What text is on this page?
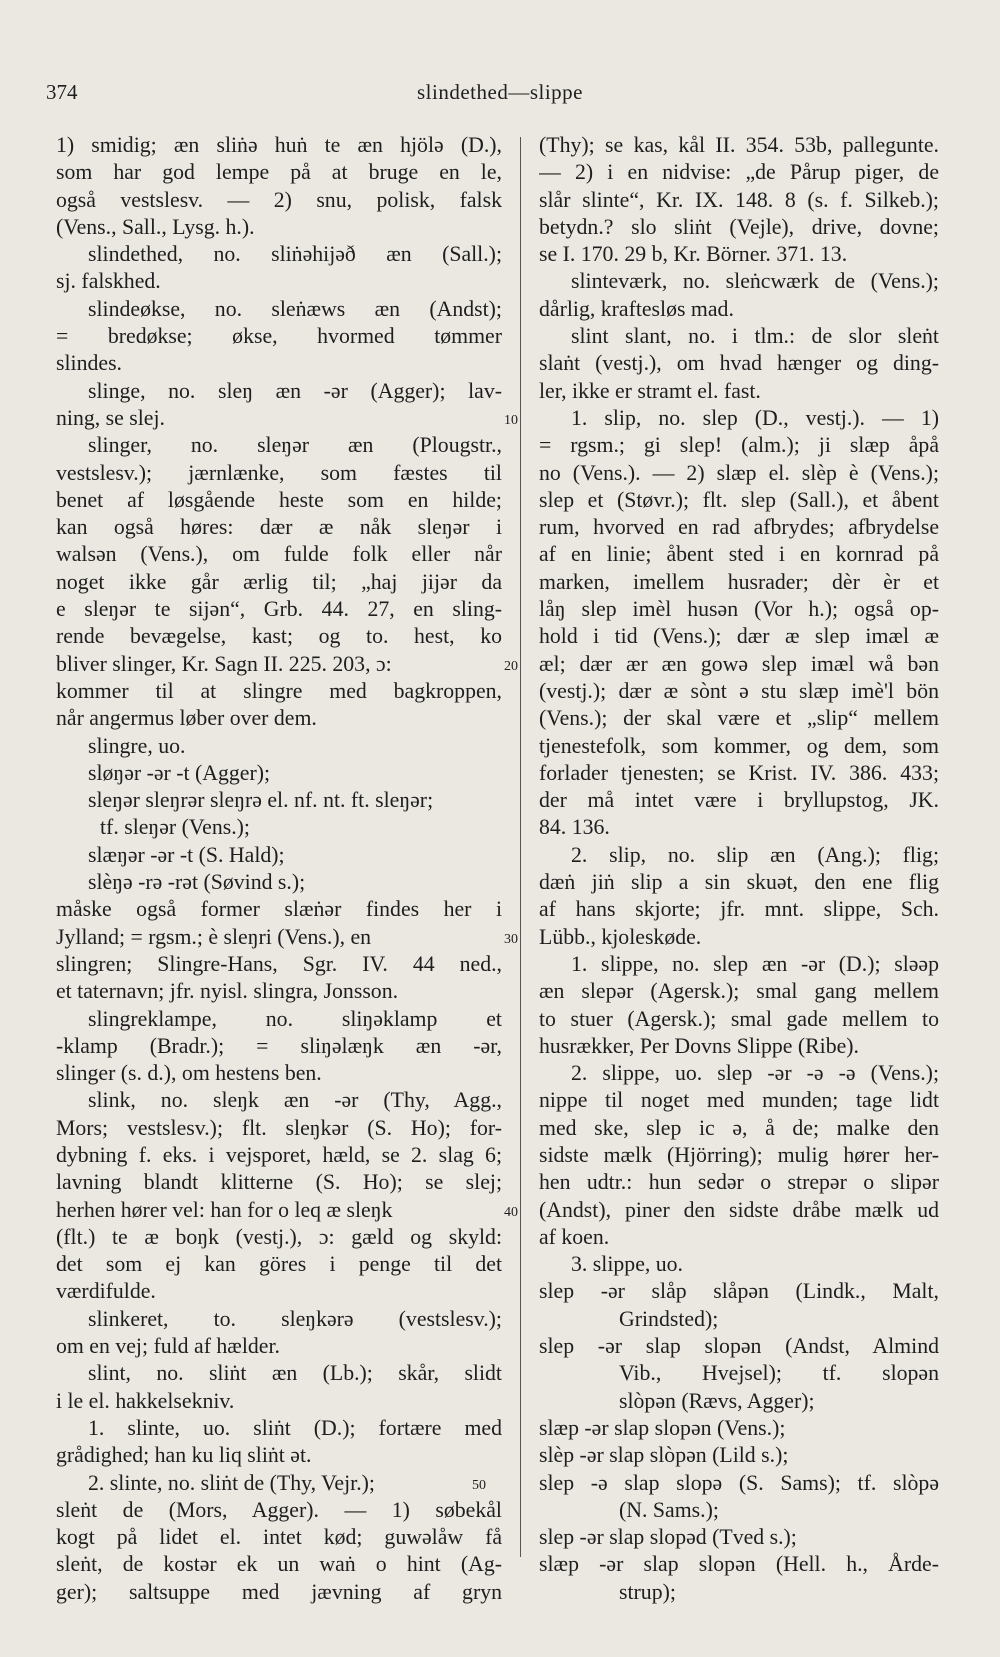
374	slindethed—slippe
1) smidig; æn sliṅə huṅ te æn hjölə (D.),
som har god lempe på at bruge en le,
også vestslesv. — 2) snu, polisk, falsk
(Vens., Sall., Lysg. h.).
slindethed, no. sliṅəhijəð æn (Sall.);
sj. falskhed.
slindeøkse, no. sleṅæws æn (Andst);
= bredøkse; økse, hvormed tømmer
slindes.
slinge, no. sleŋ æn -ər (Agger); lav-
ning, se slej.	10
slinger, no. sleŋər æn (Plougstr.,
vestslesv.); jærnlænke, som fæstes til
benet af løsgående heste som en hilde;
kan også høres: dær æ nåk sleŋər i
walsən (Vens.), om fulde folk eller når
noget ikke går ærlig til; „haj jijər da
e sleŋər te sijən“, Grb. 44. 27, en sling-
rende bevægelse, kast; og to. hest, ko
bliver slinger, Kr. Sagn II. 225. 203, ɔ:	20
kommer til at slingre med bagkroppen,
når angermus løber over dem.
slingre, uo.
sløŋər -ər -t (Agger);
sleŋər sleŋrər sleŋrə el. nf. nt. ft. sleŋər;
tf. sleŋər (Vens.);
slæŋər -ər -t (S. Hald);
slèŋə -rə -rət (Søvind s.);
måske også former slæṅər findes her i
Jylland; = rgsm.; è sleŋri (Vens.), en	30
slingren; Slingre-Hans, Sgr. IV. 44 ned.,
et taternavn; jfr. nyisl. slingra, Jonsson.
slingreklampe, no. sliŋəklamp et
-klamp (Bradr.); = sliŋəlæŋk æn -ər,
slinger (s. d.), om hestens ben.
slink, no. sleŋk æn -ər (Thy, Agg.,
Mors; vestslesv.); flt. sleŋkər (S. Ho); for-
dybning f. eks. i vejsporet, hæld, se 2. slag 6;
lavning blandt klitterne (S. Ho); se slej;
herhen hører vel: han for o leq æ sleŋk	40
(flt.) te æ boŋk (vestj.), ɔ: gæld og skyld:
det som ej kan göres i penge til det
værdifulde.
slinkeret, to. sleŋkərə (vestslesv.);
om en vej; fuld af hælder.
slint, no. sliṅt æn (Lb.); skår, slidt
i le el. hakkelsekniv.
1. slinte, uo. sliṅt (D.); fortære med
grådighed; han ku liq sliṅt ət.
2. slinte, no. sliṅt de (Thy, Vejr.);	50
sleṅt de (Mors, Agger). — 1) søbekål
kogt på lidet el. intet kød; guwəlåw få
sleṅt, de kostər ek un waṅ o hint (Ag-
ger); saltsuppe med jævning af gryn
(Thy); se kas, kål II. 354. 53b, pallegunte.
— 2) i en nidvise: „de Pårup piger, de
slår slinte“, Kr. IX. 148. 8 (s. f. Silkeb.);
betydn.? slo sliṅt (Vejle), drive, dovne;
se I. 170. 29 b, Kr. Börner. 371. 13.
slinteværk, no. sleṅcwærk de (Vens.);
dårlig, kraftesløs mad.
slint slant, no. i tlm.: de slor sleṅt
slaṅt (vestj.), om hvad hænger og ding-
ler, ikke er stramt el. fast.
1. slip, no. slep (D., vestj.). — 1)
= rgsm.; gi slep! (alm.); ji slæp åpå
no (Vens.). — 2) slæp el. slèp è (Vens.);
slep et (Støvr.); flt. slep (Sall.), et åbent
rum, hvorved en rad afbrydes; afbrydelse
af en linie; åbent sted i en kornrad på
marken, imellem husrader; dèr èr et
låŋ slep imèl husən (Vor h.); også op-
hold i tid (Vens.); dær æ slep imæl æ
æl; dær ær æn gowə slep imæl wå bən
(vestj.); dær æ sònt ə stu slæp imè'l bön
(Vens.); der skal være et „slip“ mellem
tjenestefolk, som kommer, og dem, som
forlader tjenesten; se Krist. IV. 386. 433;
der må intet være i bryllupstog, JK.
84. 136.
2. slip, no. slip æn (Ang.); flig;
dæṅ jiṅ slip a sin skuət, den ene flig
af hans skjorte; jfr. mnt. slippe, Sch.
Lübb., kjoleskøde.
1. slippe, no. slep æn -ər (D.); sləəp
æn slepər (Agersk.); smal gang mellem
to stuer (Agersk.); smal gade mellem to
husrækker, Per Dovns Slippe (Ribe).
2. slippe, uo. slep -ər -ə -ə (Vens.);
nippe til noget med munden; tage lidt
med ske, slep ic ə, å de; malke den
sidste mælk (Hjörring); mulig hører her-
hen udtr.: hun sedər o strepər o slipər
(Andst), piner den sidste dråbe mælk ud
af koen.
3. slippe, uo.
slep -ər slåp slåpən (Lindk., Malt,
Grindsted);
slep -ər slap slopən (Andst, Almind
Vib., Hvejsel); tf. slopən
slòpən (Rævs, Agger);
slæp -ər slap slopən (Vens.);
slèp -ər slap slòpən (Lild s.);
slep -ə slap slopə (S. Sams); tf. slòpə
(N. Sams.);
slep -ər slap slopəd (Tved s.);
slæp -ər slap slopən (Hell. h., Årde-
strup);
